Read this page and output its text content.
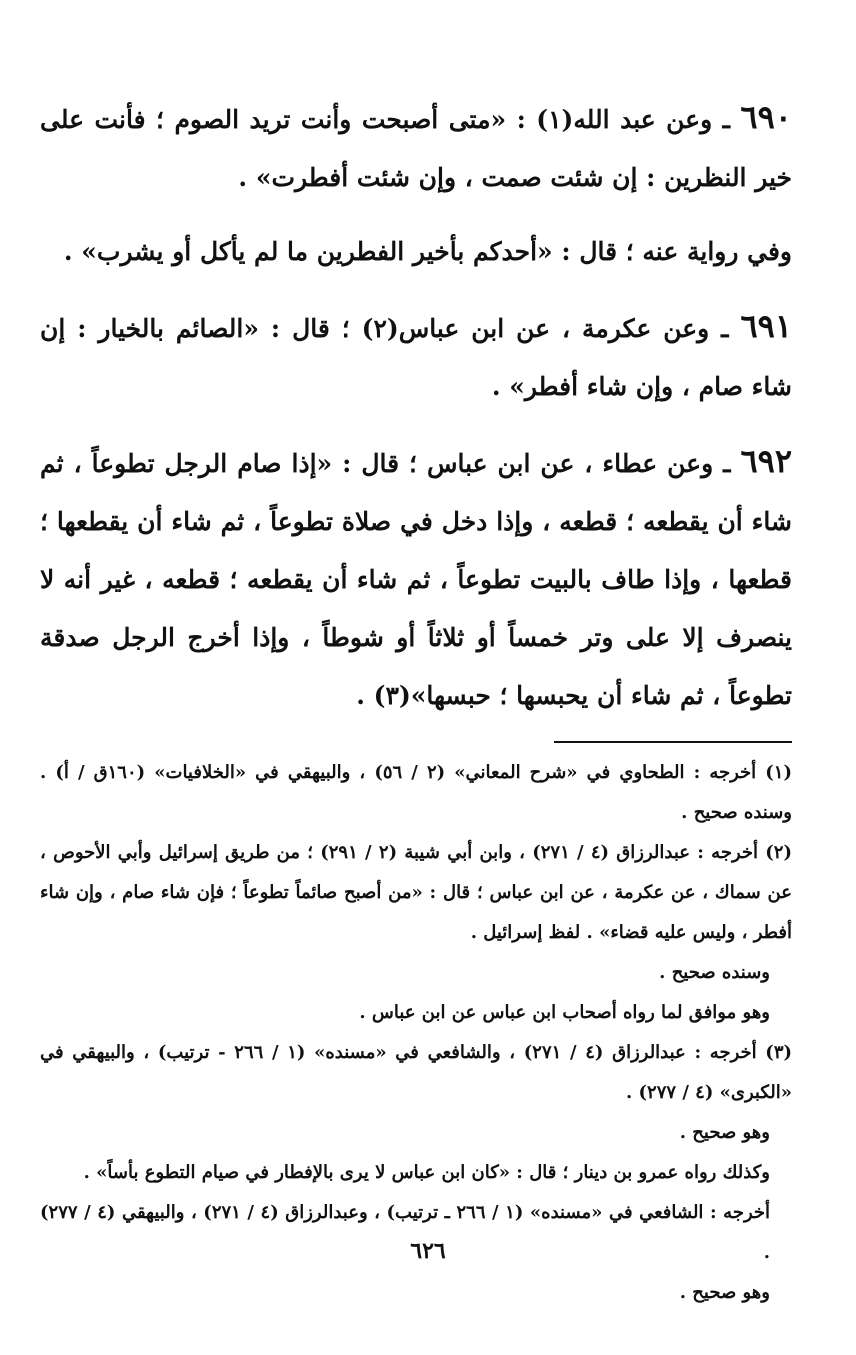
٦٩٠ ـ وعن عبد الله(١) : «متى أصبحت وأنت تريد الصوم ؛ فأنت على خير النظرين : إن شئت صمت ، وإن شئت أفطرت» .

وفي رواية عنه ؛ قال : «أحدكم بأخير الفطرين ما لم يأكل أو يشرب» .

٦٩١ ـ وعن عكرمة ، عن ابن عباس(٢) ؛ قال : «الصائم بالخيار : إن شاء صام ، وإن شاء أفطر» .

٦٩٢ ـ وعن عطاء ، عن ابن عباس ؛ قال : «إذا صام الرجل تطوعاً ، ثم شاء أن يقطعه ؛ قطعه ، وإذا دخل في صلاة تطوعاً ، ثم شاء أن يقطعها ؛ قطعها ، وإذا طاف بالبيت تطوعاً ، ثم شاء أن يقطعه ؛ قطعه ، غير أنه لا ينصرف إلا على وتر خمساً أو ثلاثاً أو شوطاً ، وإذا أخرج الرجل صدقة تطوعاً ، ثم شاء أن يحبسها ؛ حبسها»(٣) .

(١) أخرجه : الطحاوي في «شرح المعاني» (٢ / ٥٦) ، والبيهقي في «الخلافيات» (١٦٠ق / أ) . وسنده صحيح .

(٢) أخرجه : عبدالرزاق (٤ / ٢٧١) ، وابن أبي شيبة (٢ / ٢٩١) ؛ من طريق إسرائيل وأبي الأحوص ، عن سماك ، عن عكرمة ، عن ابن عباس ؛ قال : «من أصبح صائماً تطوعاً ؛ فإن شاء صام ، وإن شاء أفطر ، وليس عليه قضاء» . لفظ إسرائيل .

وسنده صحيح .

وهو موافق لما رواه أصحاب ابن عباس عن ابن عباس .

(٣) أخرجه : عبدالرزاق (٤ / ٢٧١) ، والشافعي في «مسنده» (١ / ٢٦٦ - ترتيب) ، والبيهقي في «الكبرى» (٤ / ٢٧٧) .

وهو صحيح .

وكذلك رواه عمرو بن دينار ؛ قال : «كان ابن عباس لا يرى بالإفطار في صيام التطوع بأساً» .

أخرجه : الشافعي في «مسنده» (١ / ٢٦٦ ـ ترتيب) ، وعبدالرزاق (٤ / ٢٧١) ، والبيهقي (٤ / ٢٧٧) .

وهو صحيح .

٦٢٦
